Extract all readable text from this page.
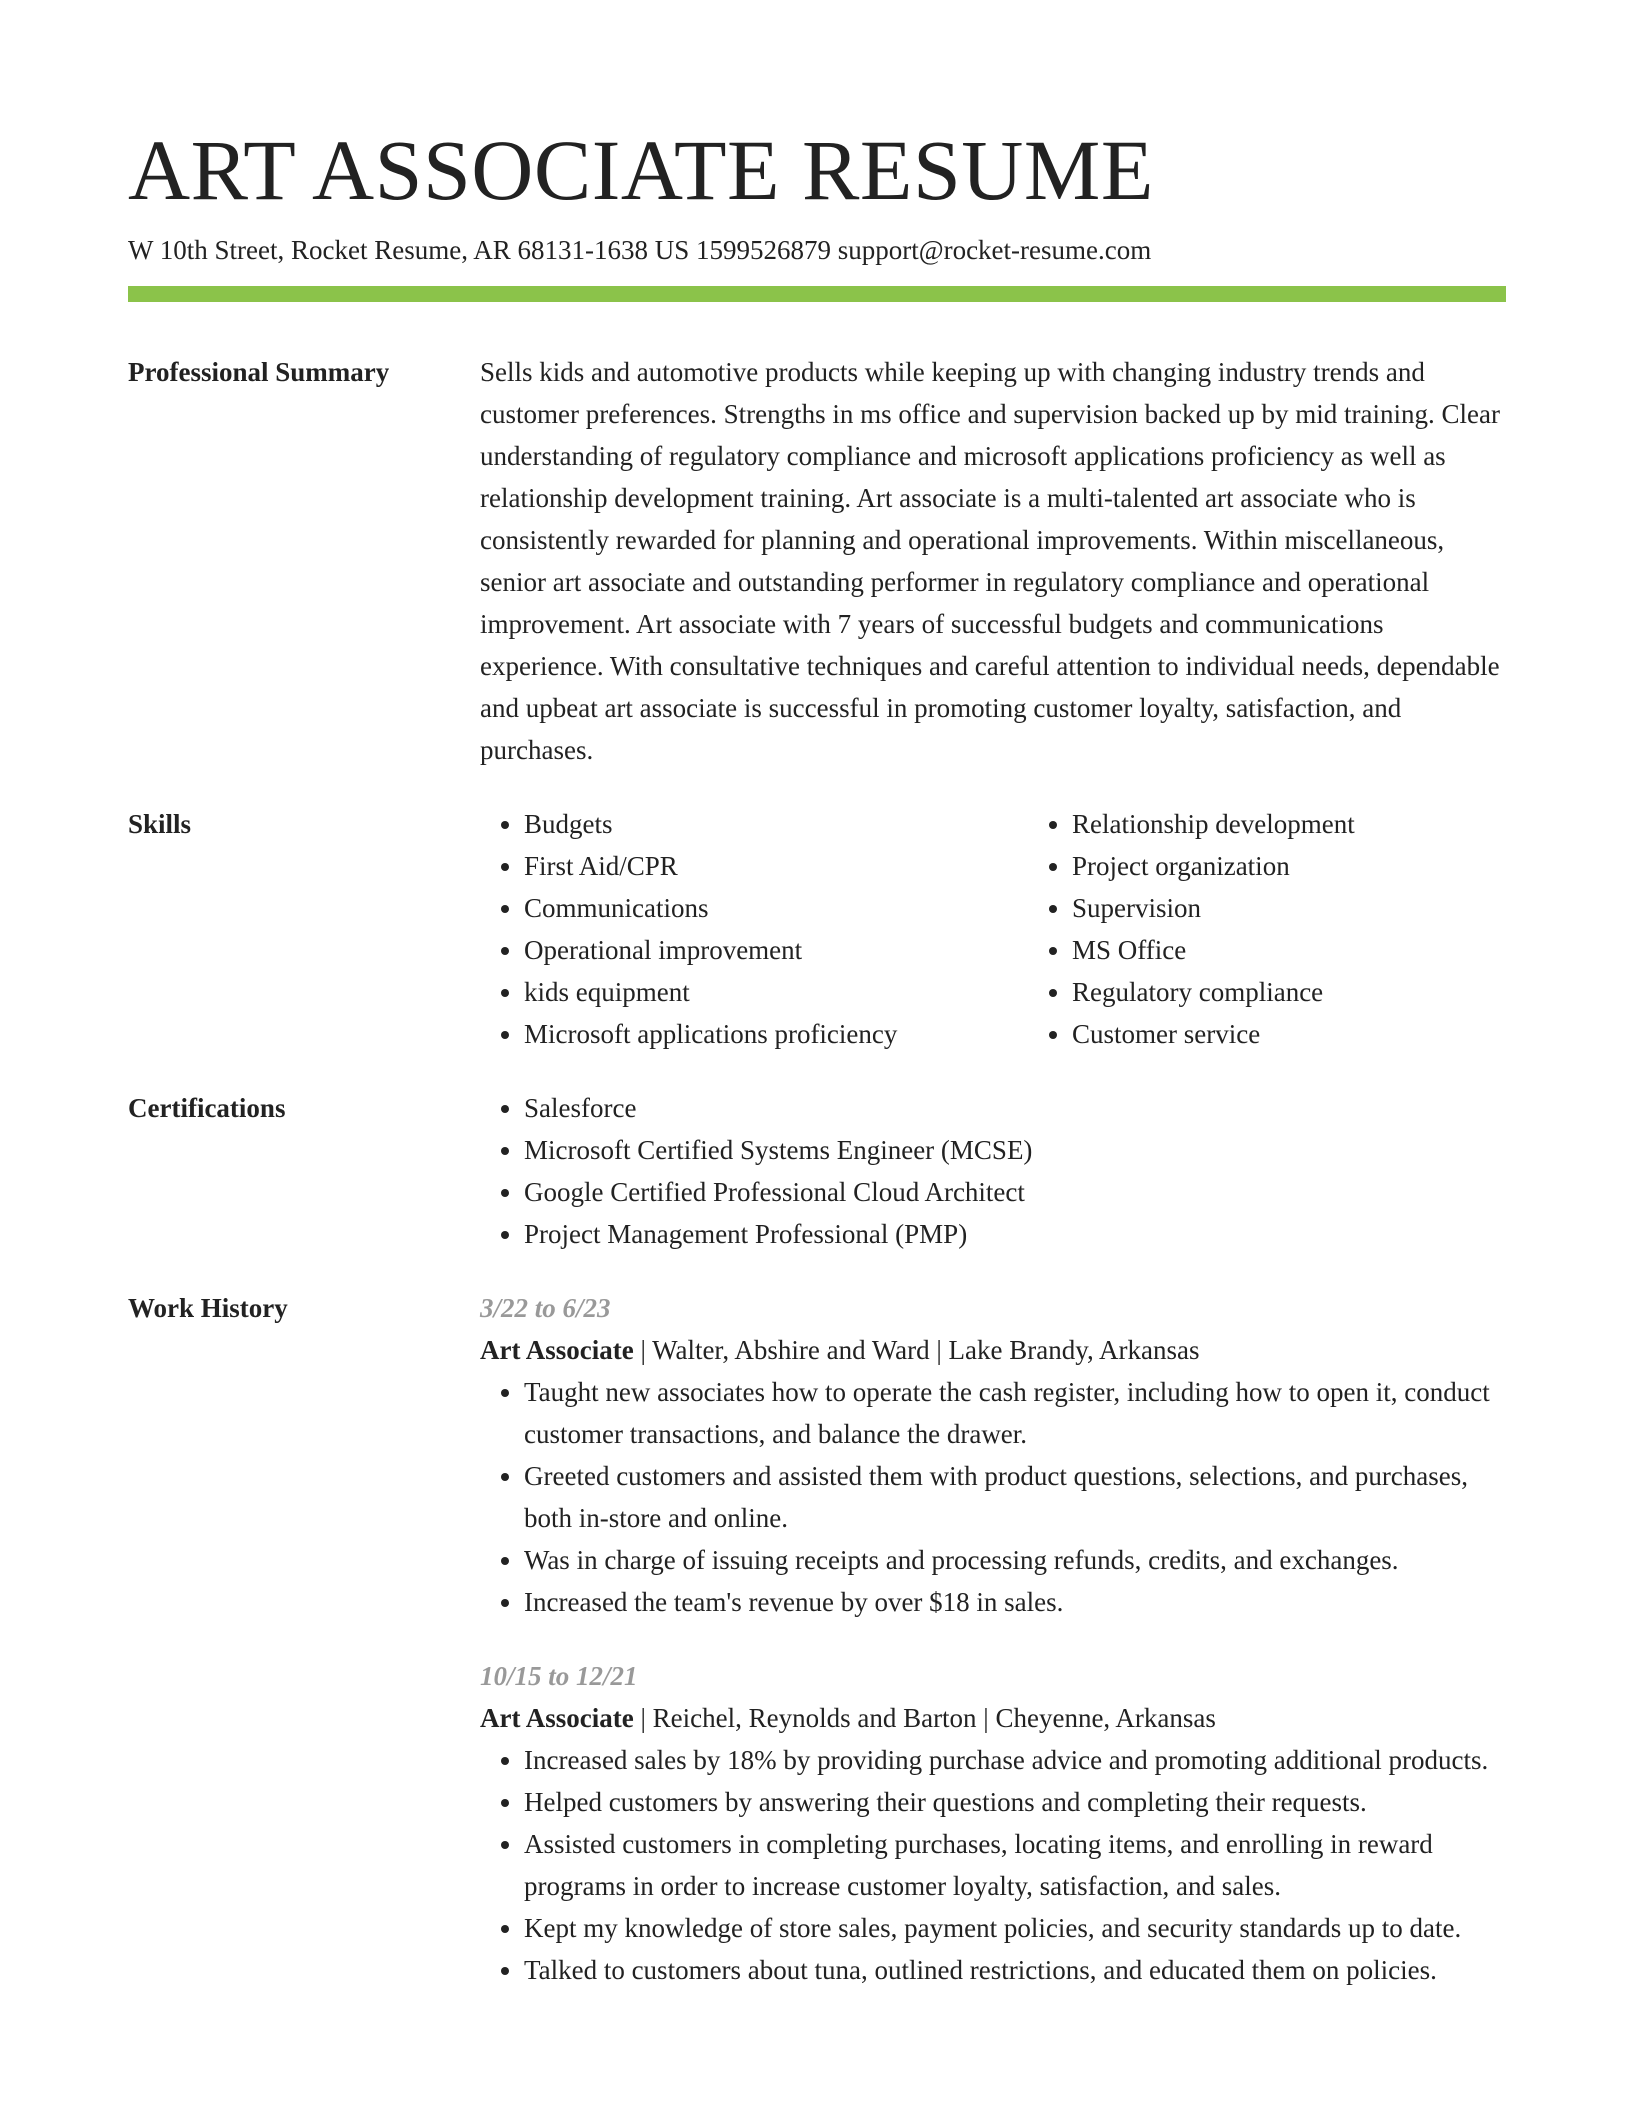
ART ASSOCIATE RESUME
W 10th Street, Rocket Resume, AR 68131-1638 US 1599526879 support@rocket-resume.com
Professional Summary	Sells kids and automotive products while keeping up with changing industry trends and customer preferences. Strengths in ms office and supervision backed up by mid training. Clear understanding of regulatory compliance and microsoft applications proficiency as well as relationship development training. Art associate is a multi-talented art associate who is consistently rewarded for planning and operational improvements. Within miscellaneous, senior art associate and outstanding performer in regulatory compliance and operational improvement. Art associate with 7 years of successful budgets and communications experience. With consultative techniques and careful attention to individual needs, dependable and upbeat art associate is successful in promoting customer loyalty, satisfaction, and purchases.
Skills	• Budgets
• First Aid/CPR
• Communications
• Operational improvement
• kids equipment
• Microsoft applications proficiency
• Relationship development
• Project organization
• Supervision
• MS Office
• Regulatory compliance
• Customer service
Certifications	• Salesforce
• Microsoft Certified Systems Engineer (MCSE)
• Google Certified Professional Cloud Architect
• Project Management Professional (PMP)
Work History	3/22 to 6/23
Art Associate | Walter, Abshire and Ward | Lake Brandy, Arkansas
• Taught new associates how to operate the cash register, including how to open it, conduct customer transactions, and balance the drawer.
• Greeted customers and assisted them with product questions, selections, and purchases, both in-store and online.
• Was in charge of issuing receipts and processing refunds, credits, and exchanges.
• Increased the team's revenue by over $18 in sales.
10/15 to 12/21
Art Associate | Reichel, Reynolds and Barton | Cheyenne, Arkansas
• Increased sales by 18% by providing purchase advice and promoting additional products.
• Helped customers by answering their questions and completing their requests.
• Assisted customers in completing purchases, locating items, and enrolling in reward programs in order to increase customer loyalty, satisfaction, and sales.
• Kept my knowledge of store sales, payment policies, and security standards up to date.
• Talked to customers about tuna, outlined restrictions, and educated them on policies.
